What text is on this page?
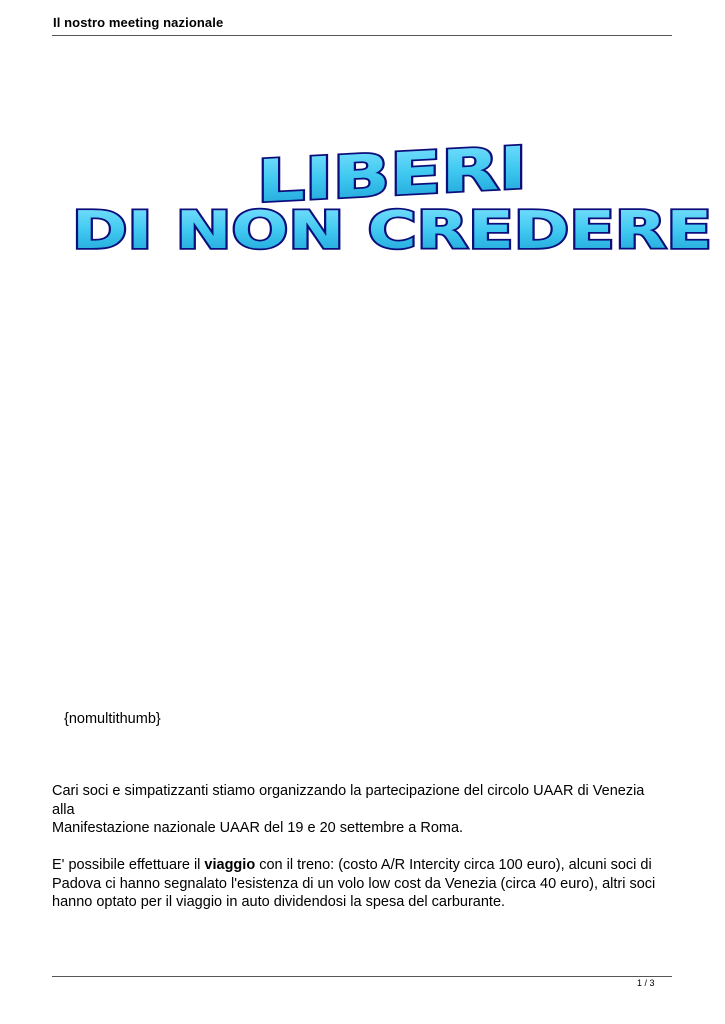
Il nostro meeting nazionale
LIBERI
DI NON CREDERE
{nomultithumb}

Cari soci e simpatizzanti stiamo organizzando la partecipazione del circolo UAAR di Venezia

alla

Manifestazione nazionale UAAR del 19 e 20 settembre a Roma.

E' possibile effettuare il viaggio con il treno: (costo A/R Intercity circa 100 euro), alcuni soci di Padova ci hanno segnalato l'esistenza di un volo low cost da Venezia (circa 40 euro), altri soci hanno optato per il viaggio in auto dividendosi la spesa del carburante.

1 / 3
